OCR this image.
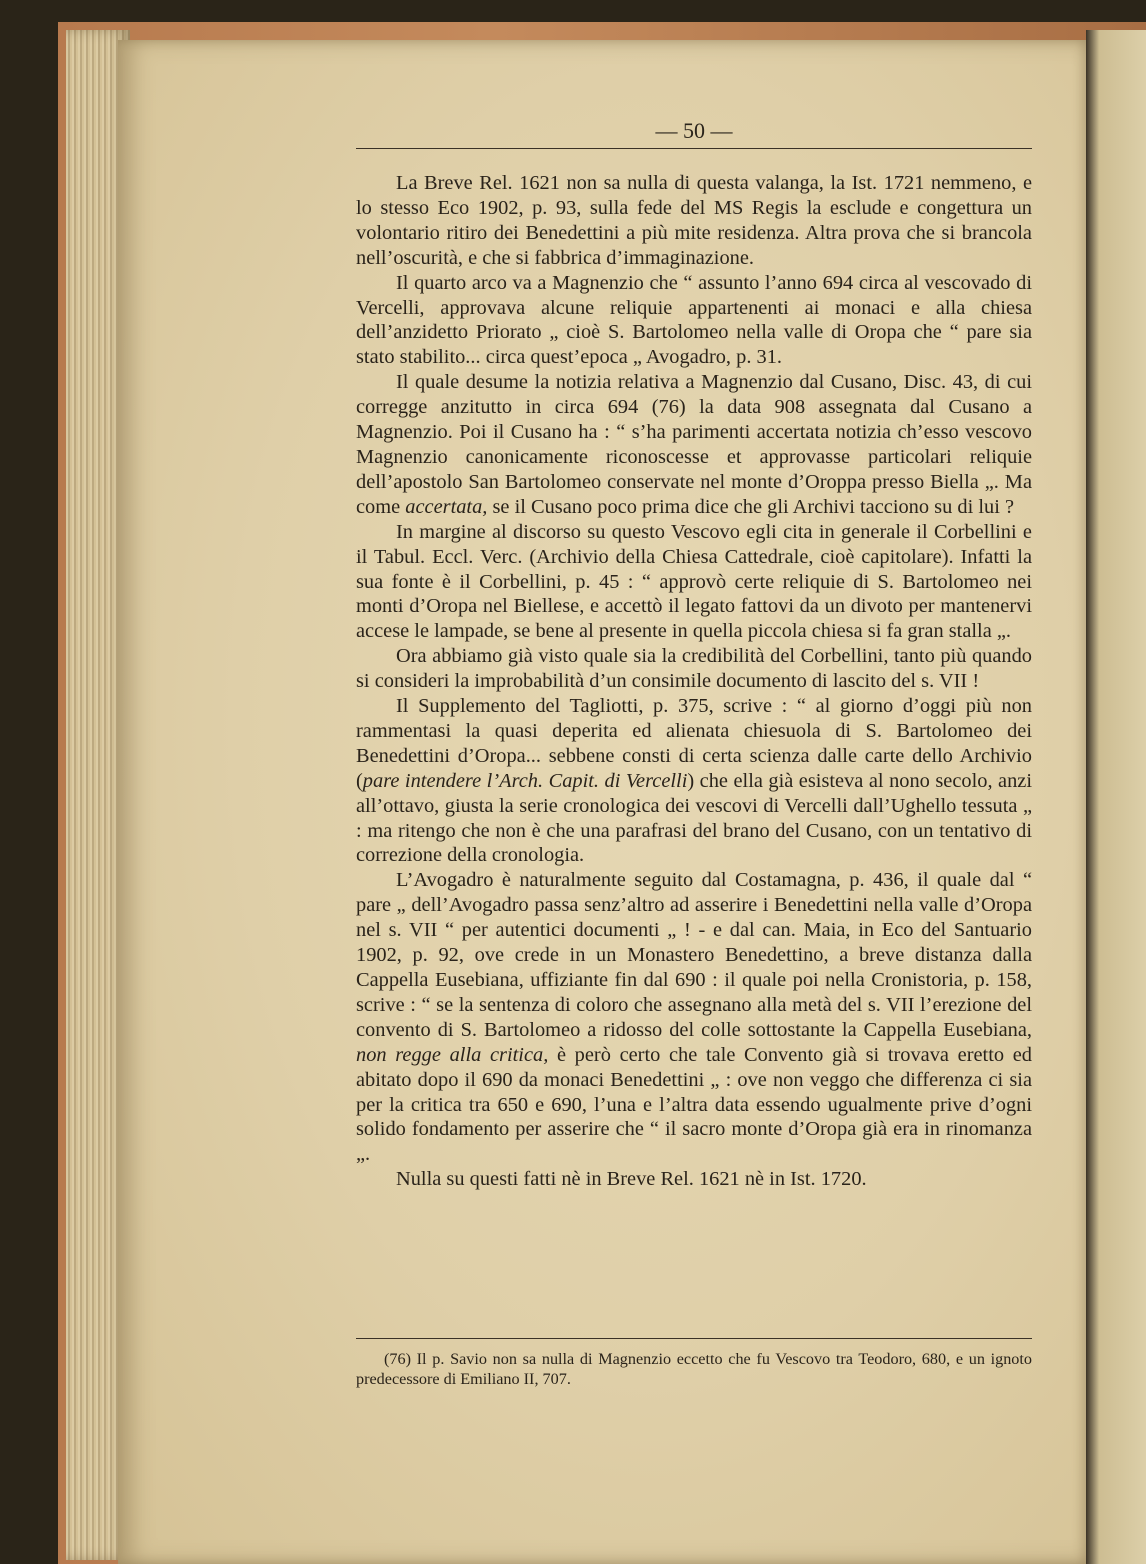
— 50 —

La Breve Rel. 1621 non sa nulla di questa valanga, la Ist. 1721 nemmeno, e lo stesso Eco 1902, p. 93, sulla fede del MS Regis la esclude e congettura un volontario ritiro dei Benedettini a più mite residenza. Altra prova che si brancola nell’oscurità, e che si fabbrica d’immaginazione.

Il quarto arco va a Magnenzio che “ assunto l’anno 694 circa al vescovado di Vercelli, approvava alcune reliquie appartenenti ai monaci e alla chiesa dell’anzidetto Priorato „ cioè S. Bartolomeo nella valle di Oropa che “ pare sia stato stabilito... circa quest’epoca „ Avogadro, p. 31.

Il quale desume la notizia relativa a Magnenzio dal Cusano, Disc. 43, di cui corregge anzitutto in circa 694 (76) la data 908 assegnata dal Cusano a Magnenzio. Poi il Cusano ha : “ s’ha parimenti accertata notizia ch’esso vescovo Magnenzio canonicamente riconoscesse et approvasse particolari reliquie dell’apostolo San Bartolomeo conservate nel monte d’Oroppa presso Biella „. Ma come accertata, se il Cusano poco prima dice che gli Archivi tacciono su di lui ?

In margine al discorso su questo Vescovo egli cita in generale il Corbellini e il Tabul. Eccl. Verc. (Archivio della Chiesa Cattedrale, cioè capitolare). Infatti la sua fonte è il Corbellini, p. 45 : “ approvò certe reliquie di S. Bartolomeo nei monti d’Oropa nel Biellese, e accettò il legato fattovi da un divoto per mantenervi accese le lampade, se bene al presente in quella piccola chiesa si fa gran stalla „.

Ora abbiamo già visto quale sia la credibilità del Corbellini, tanto più quando si consideri la improbabilità d’un consimile documento di lascito del s. VII !

Il Supplemento del Tagliotti, p. 375, scrive : “ al giorno d’oggi più non rammentasi la quasi deperita ed alienata chiesuola di S. Bartolomeo dei Benedettini d’Oropa... sebbene consti di certa scienza dalle carte dello Archivio (pare intendere l’Arch. Capit. di Vercelli) che ella già esisteva al nono secolo, anzi all’ottavo, giusta la serie cronologica dei vescovi di Vercelli dall’Ughello tessuta „ : ma ritengo che non è che una parafrasi del brano del Cusano, con un tentativo di correzione della cronologia.

L’Avogadro è naturalmente seguito dal Costamagna, p. 436, il quale dal “ pare „ dell’Avogadro passa senz’altro ad asserire i Benedettini nella valle d’Oropa nel s. VII “ per autentici documenti „ ! - e dal can. Maia, in Eco del Santuario 1902, p. 92, ove crede in un Monastero Benedettino, a breve distanza dalla Cappella Eusebiana, uffiziante fin dal 690 : il quale poi nella Cronistoria, p. 158, scrive : “ se la sentenza di coloro che assegnano alla metà del s. VII l’erezione del convento di S. Bartolomeo a ridosso del colle sottostante la Cappella Eusebiana, non regge alla critica, è però certo che tale Convento già si trovava eretto ed abitato dopo il 690 da monaci Benedettini „ : ove non veggo che differenza ci sia per la critica tra 650 e 690, l’una e l’altra data essendo ugualmente prive d’ogni solido fondamento per asserire che “ il sacro monte d’Oropa già era in rinomanza „.

Nulla su questi fatti nè in Breve Rel. 1621 nè in Ist. 1720.

(76) Il p. Savio non sa nulla di Magnenzio eccetto che fu Vescovo tra Teodoro, 680, e un ignoto predecessore di Emiliano II, 707.
